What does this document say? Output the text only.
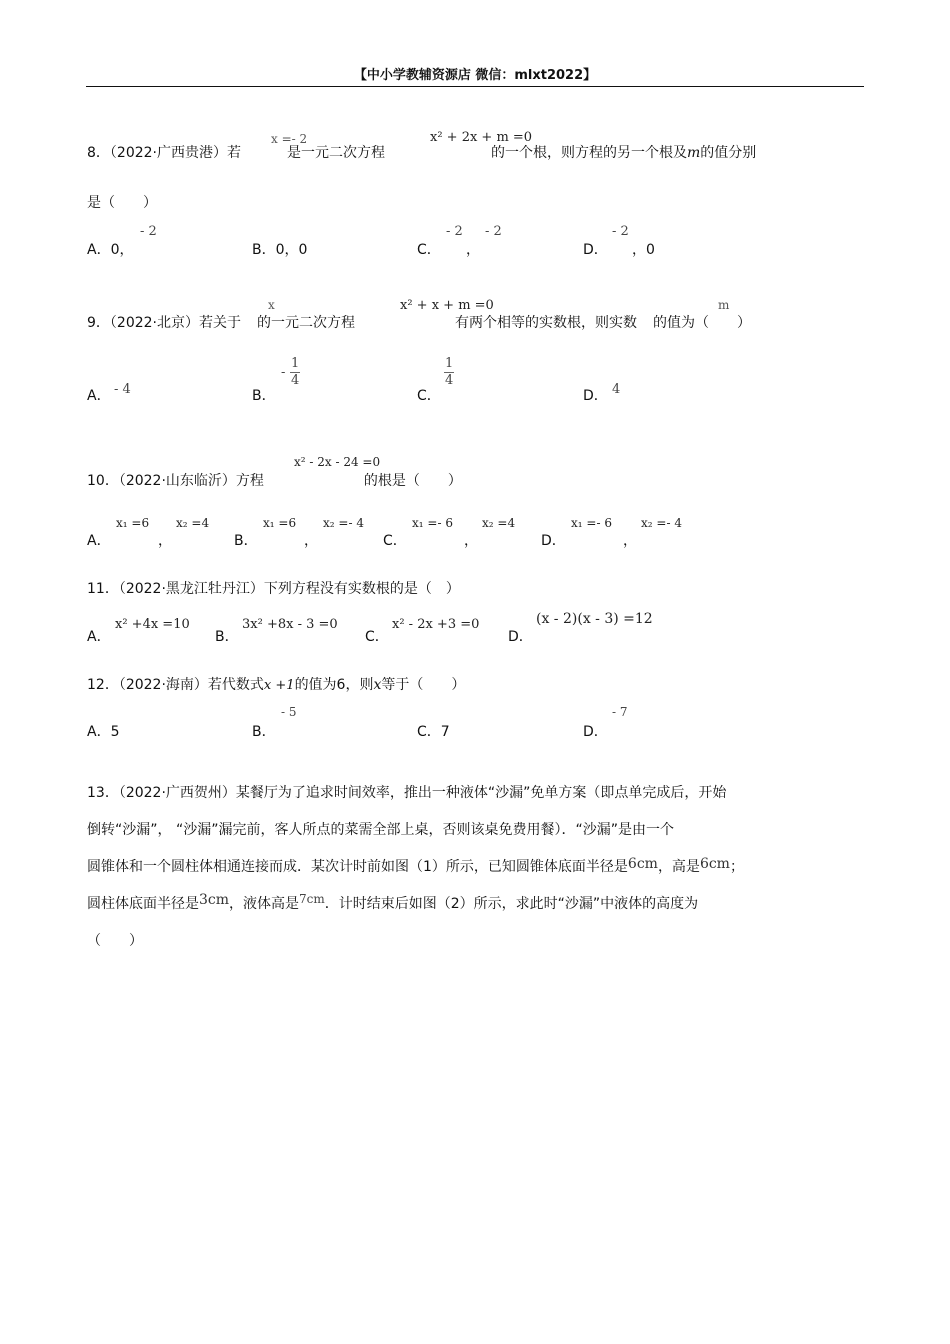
【中小学教辅资源店 微信：mlxt2022】
8．（2022·广西贵港）若	是一元二次方程	的一个根，则方程的另一个根及m的值分别
x =- 2	x² + 2x + m =0
是（　　）
A．0，
- 2
B．0，0	C．
- 2
，
- 2
D．
- 2
，0
9．（2022·北京）若关于 的一元二次方程	有两个相等的实数根，则实数 的值为（　　）
x	x² + x + m =0	m
A． - 4	B．
- $\frac{1}{4}$
C．
$\frac{1}{4}$
D． 4
10．（2022·山东临沂）方程	的根是（　　）
x² - 2x - 24 =0
A．
x₁ =6
，
x₂ =4
B．
x₁ =6
，
x₂ =- 4
C．
x₁ =- 6
，
x₂ =4
D．
x₁ =- 6
，
x₂ =- 4
11．（2022·黑龙江牡丹江）下列方程没有实数根的是（　）
A．
x² +4x =10
B．
3x² +8x - 3 =0
C．
x² - 2x +3 =0
D．
(x - 2)(x - 3) =12
12．（2022·海南）若代数式x +1的值为6，则x等于（　　）
A．5	B．
- 5
C．7	D．
- 7
13．（2022·广西贺州）某餐厅为了追求时间效率，推出一种液体“沙漏”免单方案（即点单完成后，开始
倒转“沙漏”， “沙漏”漏完前，客人所点的菜需全部上桌，否则该桌免费用餐）．“沙漏”是由一个
圆锥体和一个圆柱体相通连接而成．某次计时前如图（1）所示，已知圆锥体底面半径是6cm，高是6cm；
圆柱体底面半径是3cm，液体高是7cm．计时结束后如图（2）所示，求此时“沙漏”中液体的高度为
（　　）
